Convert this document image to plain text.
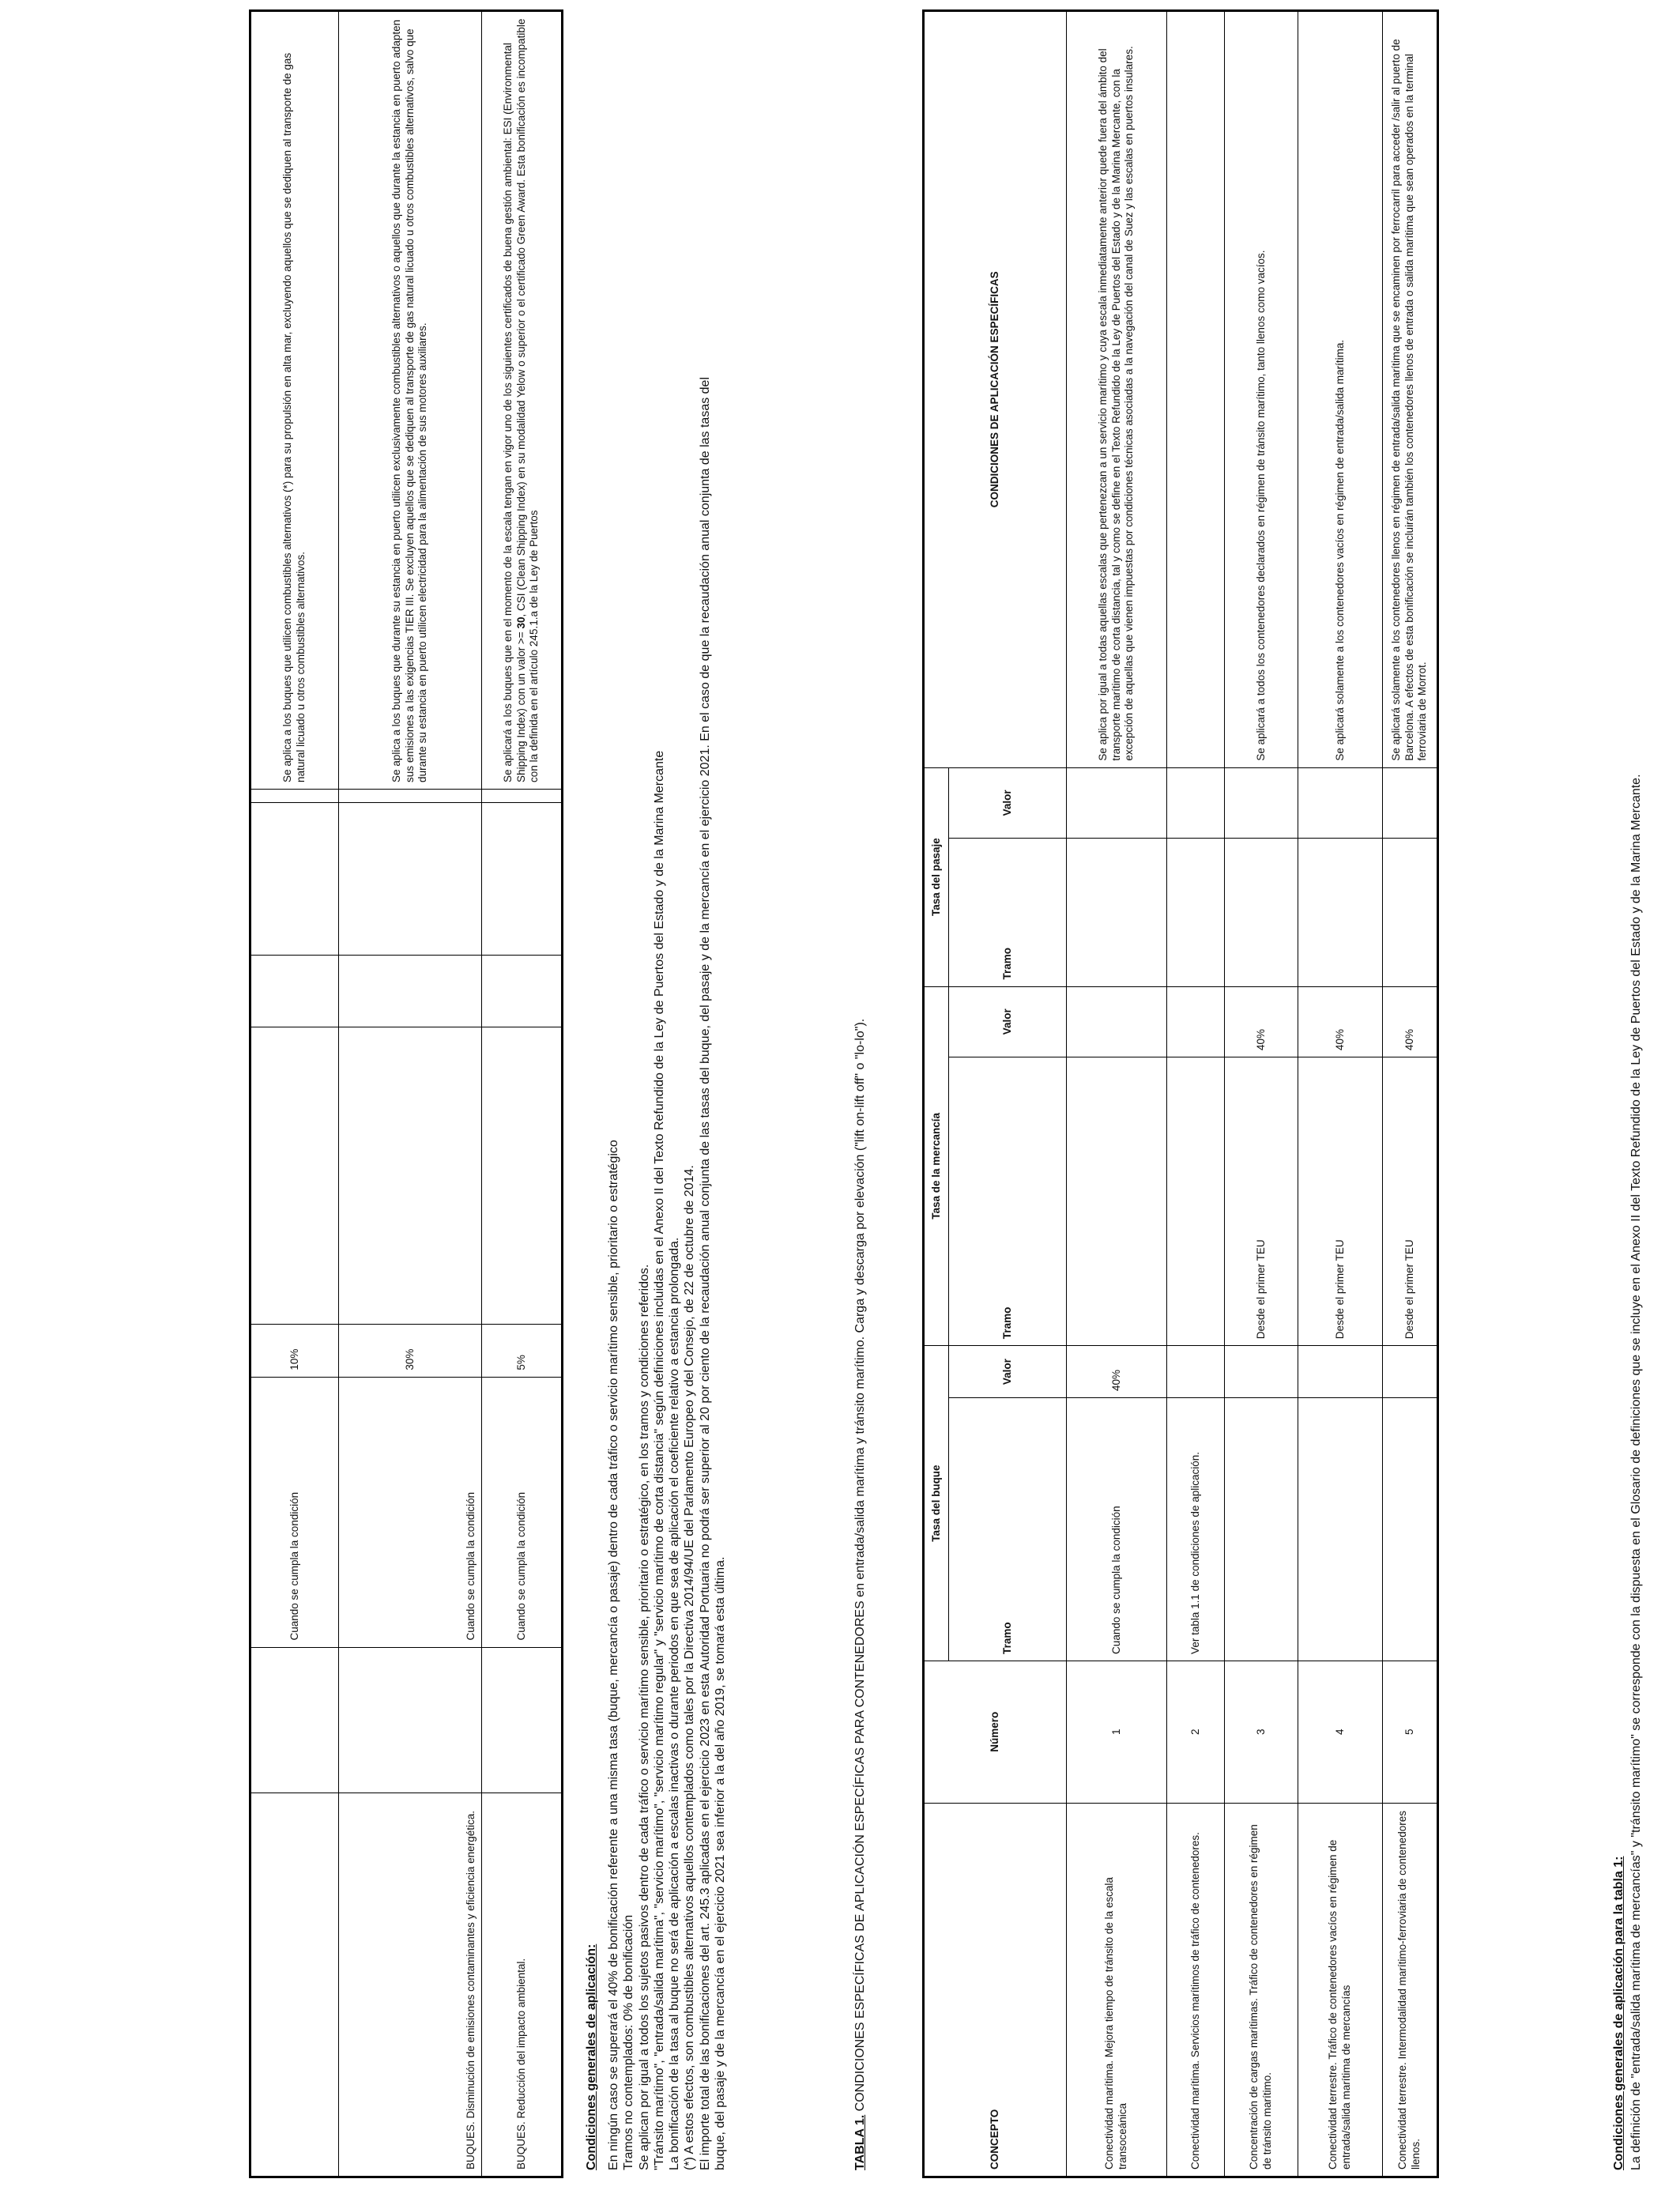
		Cuando se cumpla la condición	10%					Se aplica a los buques que utilicen combustibles alternativos (*) para su propulsión en alta mar, excluyendo aquellos que se dediquen al transporte de gas natural licuado u otros combustibles alternativos.
BUQUES. Disminución de emisiones contaminantes y eficiencia energética.		Cuando se cumpla la condición	30%					Se aplica a los buques que durante su estancia en puerto utilicen exclusivamente combustibles alternativos o aquellos que durante la estancia en puerto adapten sus emisiones a las exigencias TIER III. Se excluyen aquellos que se dediquen al transporte de gas natural licuado u otros combustibles alternativos, salvo que durante su estancia en puerto utilicen electricidad para la alimentación de sus motores auxiliares.
BUQUES. Reducción del impacto ambiental.		Cuando se cumpla la condición	5%					Se aplicará a los buques que en el momento de la escala tengan en vigor uno de los siguientes certificados de buena gestión ambiental: ESI (Environmental Shipping Index) con un valor >= 30, CSI (Clean Shipping Index) en su modalidad Yelow o superior o el certificado Green Award. Esta bonificación es incompatible con la definida en el artículo 245.1.a de la Ley de Puertos
Condiciones generales de aplicación: En ningún caso se superará el 40% de bonificación referente a una misma tasa (buque, mercancía o pasaje) dentro de cada tráfico o servicio marítimo sensible, prioritario o estratégico Tramos no contemplados: 0% de bonificación Se aplican por igual a todos los sujetos pasivos dentro de cada tráfico o servicio marítimo sensible, prioritario o estratégico, en los tramos y condiciones referidos. "Tránsito marítimo", "entrada/salida marítima", "servicio marítimo", "servicio marítimo regular" y "servicio marítimo de corta distancia" según definiciones incluidas en el Anexo II del Texto Refundido de la Ley de Puertos del Estado y de la Marina Mercante La bonificación de la tasa al buque no será de aplicación a escalas inactivas o durante periodos en que sea de aplicación el coeficiente relativo a estancia prolongada. (*) A estos efectos, son combustibles alternativos aquellos contemplados como tales por la Directiva 2014/94/UE del Parlamento Europeo y del Consejo, de 22 de octubre de 2014. El importe total de las bonificaciones del art. 245.3 aplicadas en el ejercicio 2023 en esta Autoridad Portuaria no podrá ser superior al 20 por ciento de la recaudación anual conjunta de las tasas del buque, del pasaje y de la mercancía en el ejercicio 2021. En el caso de que la recaudación anual conjunta de las tasas del buque, del pasaje y de la mercancía en el ejercicio 2021 sea inferior a la del año 2019, se tomará esta última.	TABLA 1. CONDICIONES ESPECÍFICAS DE APLICACIÓN ESPECÍFICAS PARA CONTENEDORES en entrada/salida marítima y tránsito marítimo. Carga y descarga por elevación ("lift on-lift off" o "lo-lo").
CONCEPTO	Número	Tasa del buque		Tasa de la mercancía		Tasa del pasaje		CONDICIONES DE APLICACIÓN ESPECÍFICAS
		Tramo	Valor	Tramo	Valor	Tramo	Valor	
Conectividad marítima. Mejora tiempo de tránsito de la escala transoceánica	1	Cuando se cumpla la condición	40%					Se aplica por igual a todas aquellas escalas que pertenezcan a un servicio marítimo y cuya escala inmediatamente anterior quede fuera del ámbito del transporte marítimo de corta distancia, tal y como se define en el Texto Refundido de la Ley de Puertos del Estado y de la Marina Mercante, con la excepción de aquellas que vienen impuestas por condiciones técnicas asociadas a la navegación del canal de Suez y las escalas en puertos insulares.
Conectividad marítima. Servicios marítimos de tráfico de contenedores.	2	Ver tabla 1.1 de condiciones de aplicación.						
Concentración de cargas marítimas. Tráfico de contenedores en régimen de tránsito marítimo.	3			Desde el primer TEU	40%			Se aplicará a todos los contenedores declarados en régimen de tránsito marítimo, tanto llenos como vacíos.
Conectividad terrestre. Tráfico de contenedores vacíos en régimen de entrada/salida marítima de mercancías	4			Desde el primer TEU	40%			Se aplicará solamente a los contenedores vacíos en régimen de entrada/salida marítima.
Conectividad terrestre. Intermodalidad marítimo-ferroviaria de contenedores llenos.	5			Desde el primer TEU	40%			Se aplicará solamente a los contenedores llenos en régimen de entrada/salida marítima que se encaminen por ferrocarril para acceder /salir al puerto de Barcelona. A efectos de esta bonificación se incluirán también los contenedores llenos de entrada o salida marítima que sean operados en la terminal ferroviaria de Morrot.
Condiciones generales de aplicación para la tabla 1: La definición de "entrada/salida marítima de mercancías" y "tránsito marítimo" se corresponde con la dispuesta en el Glosario de definiciones que se incluye en el Anexo II del Texto Refundido de la Ley de Puertos del Estado y de la Marina Mercante.
